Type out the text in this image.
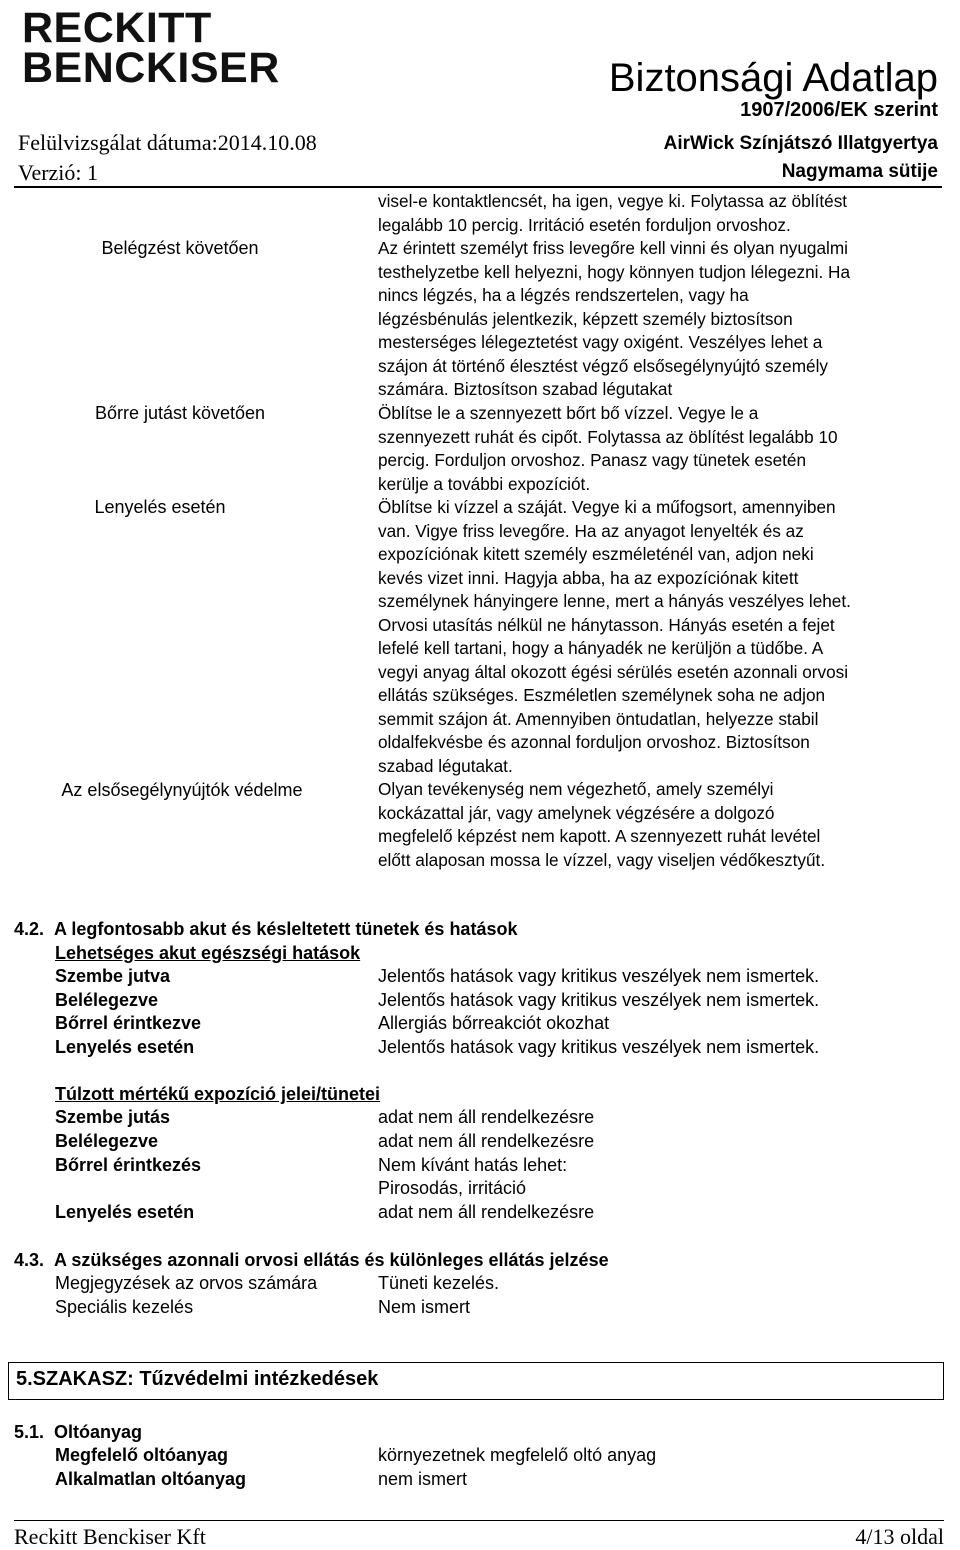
RECKITT
BENCKISER	Biztonsági Adatlap
1907/2006/EK szerint
AirWick Színjátszó Illatgyertya
Nagymama sütije
Felülvizsgálat dátuma:2014.10.08
Verzió: 1
visel-e kontaktlencsét, ha igen, vegye ki. Folytassa az öblítést
legalább 10 percig. Irritáció esetén forduljon orvoshoz.
Belégzést követően	Az érintett személyt friss levegőre kell vinni és olyan nyugalmi
testhelyzetbe kell helyezni, hogy könnyen tudjon lélegezni. Ha
nincs légzés, ha a légzés rendszertelen, vagy ha
légzésbénulás jelentkezik, képzett személy biztosítson
mesterséges lélegeztetést vagy oxigént. Veszélyes lehet a
szájon át történő élesztést végző elsősegélynyújtó személy
számára. Biztosítson szabad légutakat
Bőrre jutást követően	Öblítse le a szennyezett bőrt bő vízzel. Vegye le a
szennyezett ruhát és cipőt. Folytassa az öblítést legalább 10
percig. Forduljon orvoshoz. Panasz vagy tünetek esetén
kerülje a további expozíciót.
Lenyelés esetén	Öblítse ki vízzel a száját. Vegye ki a műfogsort, amennyiben
van. Vigye friss levegőre. Ha az anyagot lenyelték és az
expozíciónak kitett személy eszméleténél van, adjon neki
kevés vizet inni. Hagyja abba, ha az expozíciónak kitett
személynek hányingere lenne, mert a hányás veszélyes lehet.
Orvosi utasítás nélkül ne hánytasson. Hányás esetén a fejet
lefelé kell tartani, hogy a hányadék ne kerüljön a tüdőbe. A
vegyi anyag által okozott égési sérülés esetén azonnali orvosi
ellátás szükséges. Eszméletlen személynek soha ne adjon
semmit szájon át. Amennyiben öntudatlan, helyezze stabil
oldalfekvésbe és azonnal forduljon orvoshoz. Biztosítson
szabad légutakat.
Az elsősegélynyújtók védelme	Olyan tevékenység nem végezhető, amely személyi
kockázattal jár, vagy amelynek végzésére a dolgozó
megfelelő képzést nem kapott. A szennyezett ruhát levétel
előtt alaposan mossa le vízzel, vagy viseljen védőkesztyűt.
4.2. A legfontosabb akut és késleltetett tünetek és hatások
Lehetséges akut egészségi hatások
Szembe jutva	Jelentős hatások vagy kritikus veszélyek nem ismertek.
Belélegezve	Jelentős hatások vagy kritikus veszélyek nem ismertek.
Bőrrel érintkezve	Allergiás bőrreakciót okozhat
Lenyelés esetén	Jelentős hatások vagy kritikus veszélyek nem ismertek.
Túlzott mértékű expozíció jelei/tünetei
Szembe jutás	adat nem áll rendelkezésre
Belélegezve	adat nem áll rendelkezésre
Bőrrel érintkezés	Nem kívánt hatás lehet:
Pirosodás, irritáció
Lenyelés esetén	adat nem áll rendelkezésre
4.3. A szükséges azonnali orvosi ellátás és különleges ellátás jelzése
Megjegyzések az orvos számára	Tüneti kezelés.
Speciális kezelés	Nem ismert
5.SZAKASZ: Tűzvédelmi intézkedések
5.1. Oltóanyag
Megfelelő oltóanyag	környezetnek megfelelő oltó anyag
Alkalmatlan oltóanyag	nem ismert
Reckitt Benckiser Kft	4/13 oldal
